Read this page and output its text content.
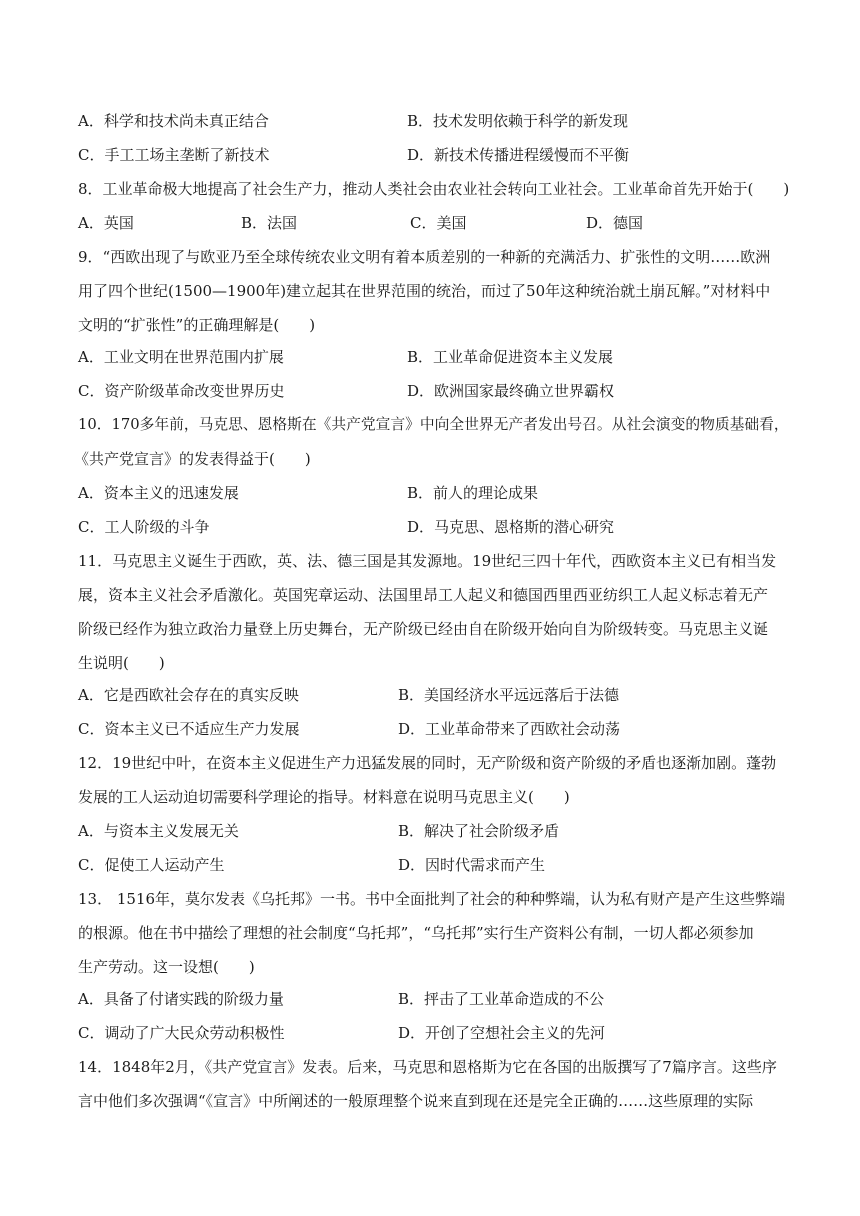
A．科学和技术尚未真正结合	B．技术发明依赖于科学的新发现
C．手工工场主垄断了新技术	D．新技术传播进程缓慢而不平衡
8．工业革命极大地提高了社会生产力，推动人类社会由农业社会转向工业社会。工业革命首先开始于(　　)
A．英国	B．法国	C．美国	D．德国
9．“西欧出现了与欧亚乃至全球传统农业文明有着本质差别的一种新的充满活力、扩张性的文明……欧洲
用了四个世纪(1500—1900年)建立起其在世界范围的统治，而过了50年这种统治就土崩瓦解。”对材料中
文明的“扩张性”的正确理解是(　　)
A．工业文明在世界范围内扩展	B．工业革命促进资本主义发展
C．资产阶级革命改变世界历史	D．欧洲国家最终确立世界霸权
10．170多年前，马克思、恩格斯在《共产党宣言》中向全世界无产者发出号召。从社会演变的物质基础看，
《共产党宣言》的发表得益于(　　)
A．资本主义的迅速发展	B．前人的理论成果
C．工人阶级的斗争	D．马克思、恩格斯的潜心研究
11．马克思主义诞生于西欧，英、法、德三国是其发源地。19世纪三四十年代，西欧资本主义已有相当发
展，资本主义社会矛盾激化。英国宪章运动、法国里昂工人起义和德国西里西亚纺织工人起义标志着无产
阶级已经作为独立政治力量登上历史舞台，无产阶级已经由自在阶级开始向自为阶级转变。马克思主义诞
生说明(　　)
A．它是西欧社会存在的真实反映	B．美国经济水平远远落后于法德
C．资本主义已不适应生产力发展	D．工业革命带来了西欧社会动荡
12．19世纪中叶，在资本主义促进生产力迅猛发展的同时，无产阶级和资产阶级的矛盾也逐渐加剧。蓬勃
发展的工人运动迫切需要科学理论的指导。材料意在说明马克思主义(　　)
A．与资本主义发展无关	B．解决了社会阶级矛盾
C．促使工人运动产生	D．因时代需求而产生
13． 1516年，莫尔发表《乌托邦》一书。书中全面批判了社会的种种弊端，认为私有财产是产生这些弊端
的根源。他在书中描绘了理想的社会制度“乌托邦”，“乌托邦”实行生产资料公有制，一切人都必须参加
生产劳动。这一设想(　　)
A．具备了付诸实践的阶级力量	B．抨击了工业革命造成的不公
C．调动了广大民众劳动积极性	D．开创了空想社会主义的先河
14．1848年2月，《共产党宣言》发表。后来，马克思和恩格斯为它在各国的出版撰写了7篇序言。这些序
言中他们多次强调“《宣言》中所阐述的一般原理整个说来直到现在还是完全正确的……这些原理的实际
